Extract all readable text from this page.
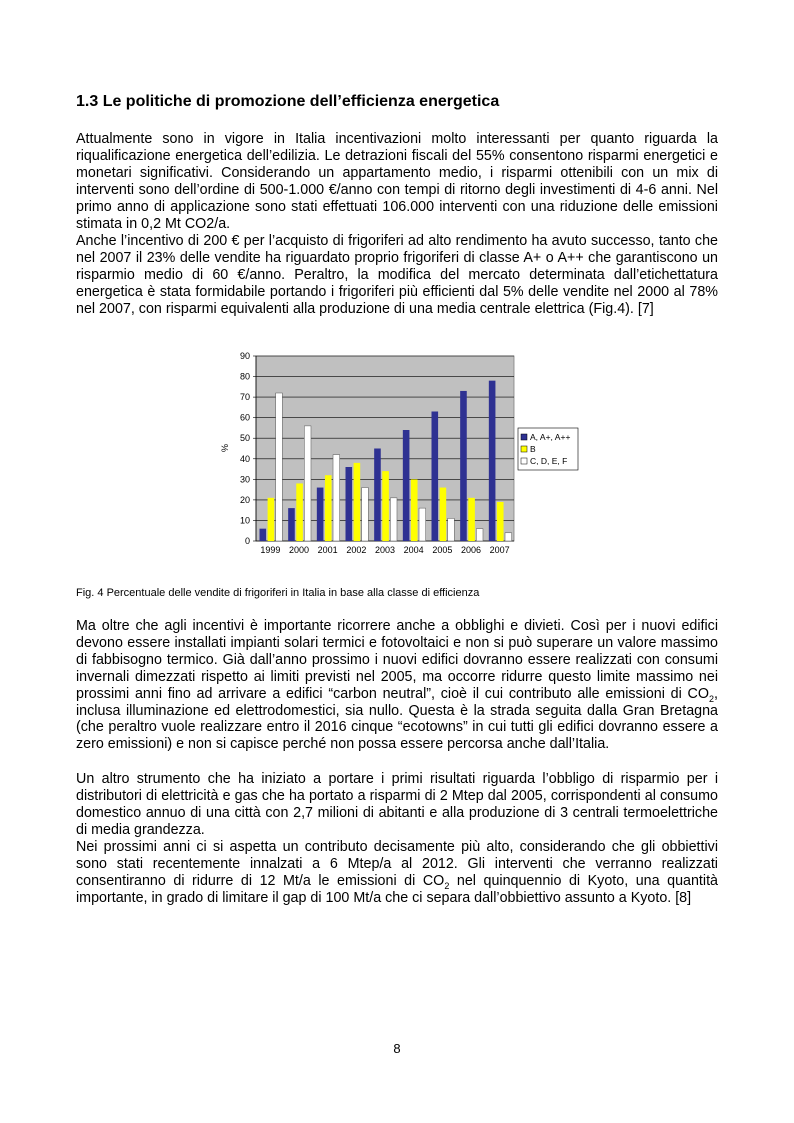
1.3 Le politiche di promozione dell’efficienza energetica

Attualmente sono in vigore in Italia incentivazioni molto interessanti per quanto riguarda la riqualificazione energetica dell’edilizia. Le detrazioni fiscali del 55% consentono risparmi energetici e monetari significativi. Considerando un appartamento medio, i risparmi ottenibili con un mix di interventi sono dell’ordine di 500-1.000 €/anno con tempi di ritorno degli investimenti di 4-6 anni. Nel primo anno di applicazione sono stati effettuati 106.000 interventi con una riduzione delle emissioni stimata in 0,2 Mt CO2/a.

Anche l’incentivo di 200 € per l’acquisto di frigoriferi ad alto rendimento ha avuto successo, tanto che nel 2007 il 23% delle vendite ha riguardato proprio frigoriferi di classe A+ o A++ che garantiscono un risparmio medio di 60 €/anno. Peraltro, la modifica del mercato determinata dall’etichettatura energetica è stata formidabile portando i frigoriferi più efficienti dal 5% delle vendite nel 2000 al 78% nel 2007, con risparmi equivalenti alla produzione di una media centrale elettrica (Fig.4). [7]

%
0
10
20
30
40
50
60
70
80
90
1999 2000 2001 2002 2003 2004 2005 2006 2007
A, A+, A++
B
C, D, E, F

Fig. 4 Percentuale delle vendite di frigoriferi in Italia in base alla classe di efficienza

Ma oltre che agli incentivi è importante ricorrere anche a obblighi e divieti. Così per i nuovi edifici devono essere installati impianti solari termici e fotovoltaici e non si può superare un valore massimo di fabbisogno termico. Già dall’anno prossimo i nuovi edifici dovranno essere realizzati con consumi invernali dimezzati rispetto ai limiti previsti nel 2005, ma occorre ridurre questo limite massimo nei prossimi anni fino ad arrivare a edifici “carbon neutral”, cioè il cui contributo alle emissioni di $CO_2$, inclusa illuminazione ed elettrodomestici, sia nullo. Questa è la strada seguita dalla Gran Bretagna (che peraltro vuole realizzare entro il 2016 cinque “ecotowns” in cui tutti gli edifici dovranno essere a zero emissioni) e non si capisce perché non possa essere percorsa anche dall’Italia.

Un altro strumento che ha iniziato a portare i primi risultati riguarda l’obbligo di risparmio per i distributori di elettricità e gas che ha portato a risparmi di 2 Mtep dal 2005, corrispondenti al consumo domestico annuo di una città con 2,7 milioni di abitanti e alla produzione di 3 centrali termoelettriche di media grandezza.

Nei prossimi anni ci si aspetta un contributo decisamente più alto, considerando che gli obbiettivi sono stati recentemente innalzati a 6 Mtep/a al 2012. Gli interventi che verranno realizzati consentiranno di ridurre di 12 Mt/a le emissioni di $CO_2$ nel quinquennio di Kyoto, una quantità importante, in grado di limitare il gap di 100 Mt/a che ci separa dall’obbiettivo assunto a Kyoto. [8]

8
